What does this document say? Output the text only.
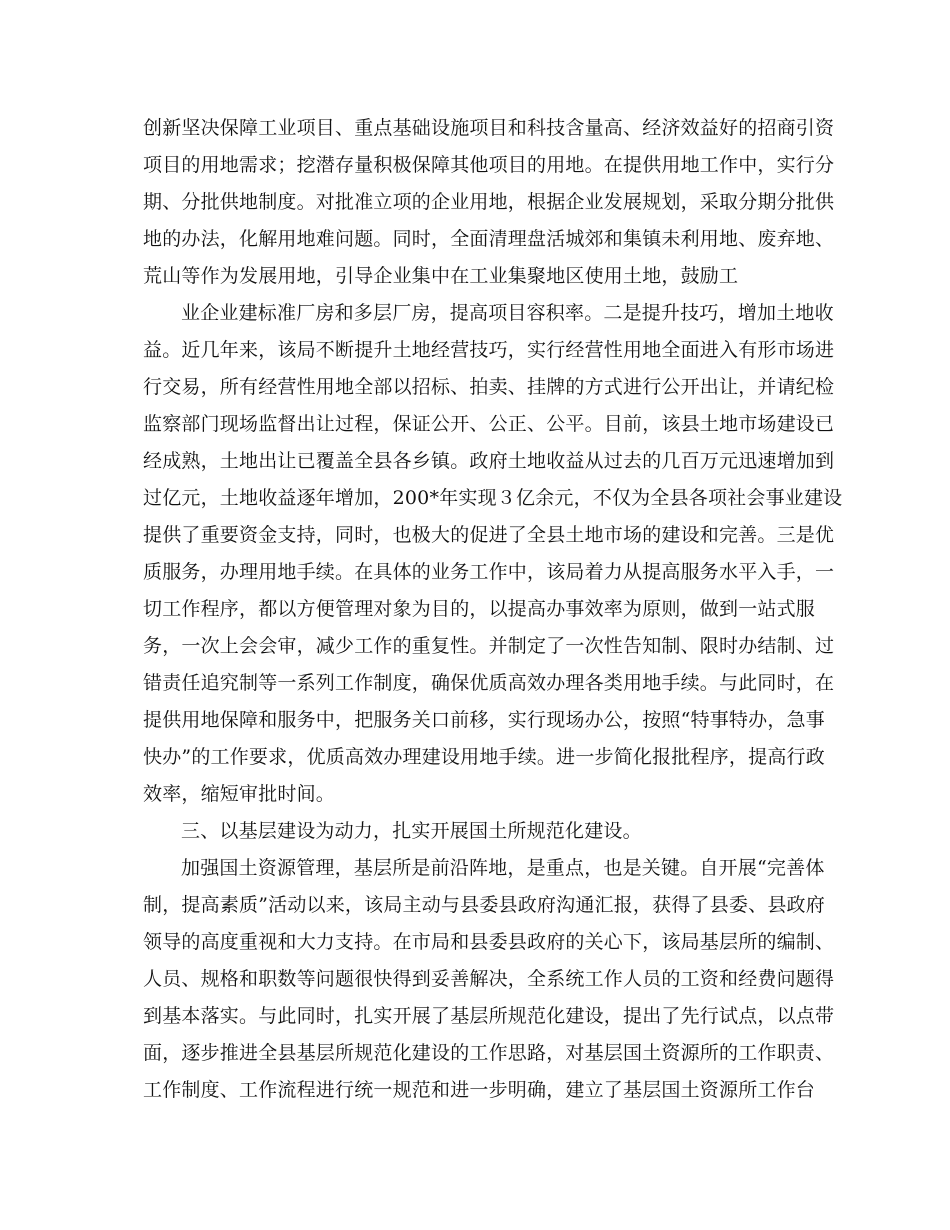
创新坚决保障工业项目、重点基础设施项目和科技含量高、经济效益好的招商引资
项目的用地需求；挖潜存量积极保障其他项目的用地。在提供用地工作中，实行分
期、分批供地制度。对批准立项的企业用地，根据企业发展规划，采取分期分批供
地的办法，化解用地难问题。同时，全面清理盘活城郊和集镇未利用地、废弃地、
荒山等作为发展用地，引导企业集中在工业集聚地区使用土地，鼓励工
业企业建标准厂房和多层厂房，提高项目容积率。二是提升技巧，增加土地收
益。近几年来，该局不断提升土地经营技巧，实行经营性用地全面进入有形市场进
行交易，所有经营性用地全部以招标、拍卖、挂牌的方式进行公开出让，并请纪检
监察部门现场监督出让过程，保证公开、公正、公平。目前，该县土地市场建设已
经成熟，土地出让已覆盖全县各乡镇。政府土地收益从过去的几百万元迅速增加到
过亿元，土地收益逐年增加，200*年实现３亿余元，不仅为全县各项社会事业建设
提供了重要资金支持，同时，也极大的促进了全县土地市场的建设和完善。三是优
质服务，办理用地手续。在具体的业务工作中，该局着力从提高服务水平入手，一
切工作程序，都以方便管理对象为目的，以提高办事效率为原则，做到一站式服
务，一次上会会审，减少工作的重复性。并制定了一次性告知制、限时办结制、过
错责任追究制等一系列工作制度，确保优质高效办理各类用地手续。与此同时，在
提供用地保障和服务中，把服务关口前移，实行现场办公，按照“特事特办，急事
快办”的工作要求，优质高效办理建设用地手续。进一步简化报批程序，提高行政
效率，缩短审批时间。
三、以基层建设为动力，扎实开展国土所规范化建设。
加强国土资源管理，基层所是前沿阵地，是重点，也是关键。自开展“完善体
制，提高素质”活动以来，该局主动与县委县政府沟通汇报，获得了县委、县政府
领导的高度重视和大力支持。在市局和县委县政府的关心下，该局基层所的编制、
人员、规格和职数等问题很快得到妥善解决，全系统工作人员的工资和经费问题得
到基本落实。与此同时，扎实开展了基层所规范化建设，提出了先行试点，以点带
面，逐步推进全县基层所规范化建设的工作思路，对基层国土资源所的工作职责、
工作制度、工作流程进行统一规范和进一步明确，建立了基层国土资源所工作台
